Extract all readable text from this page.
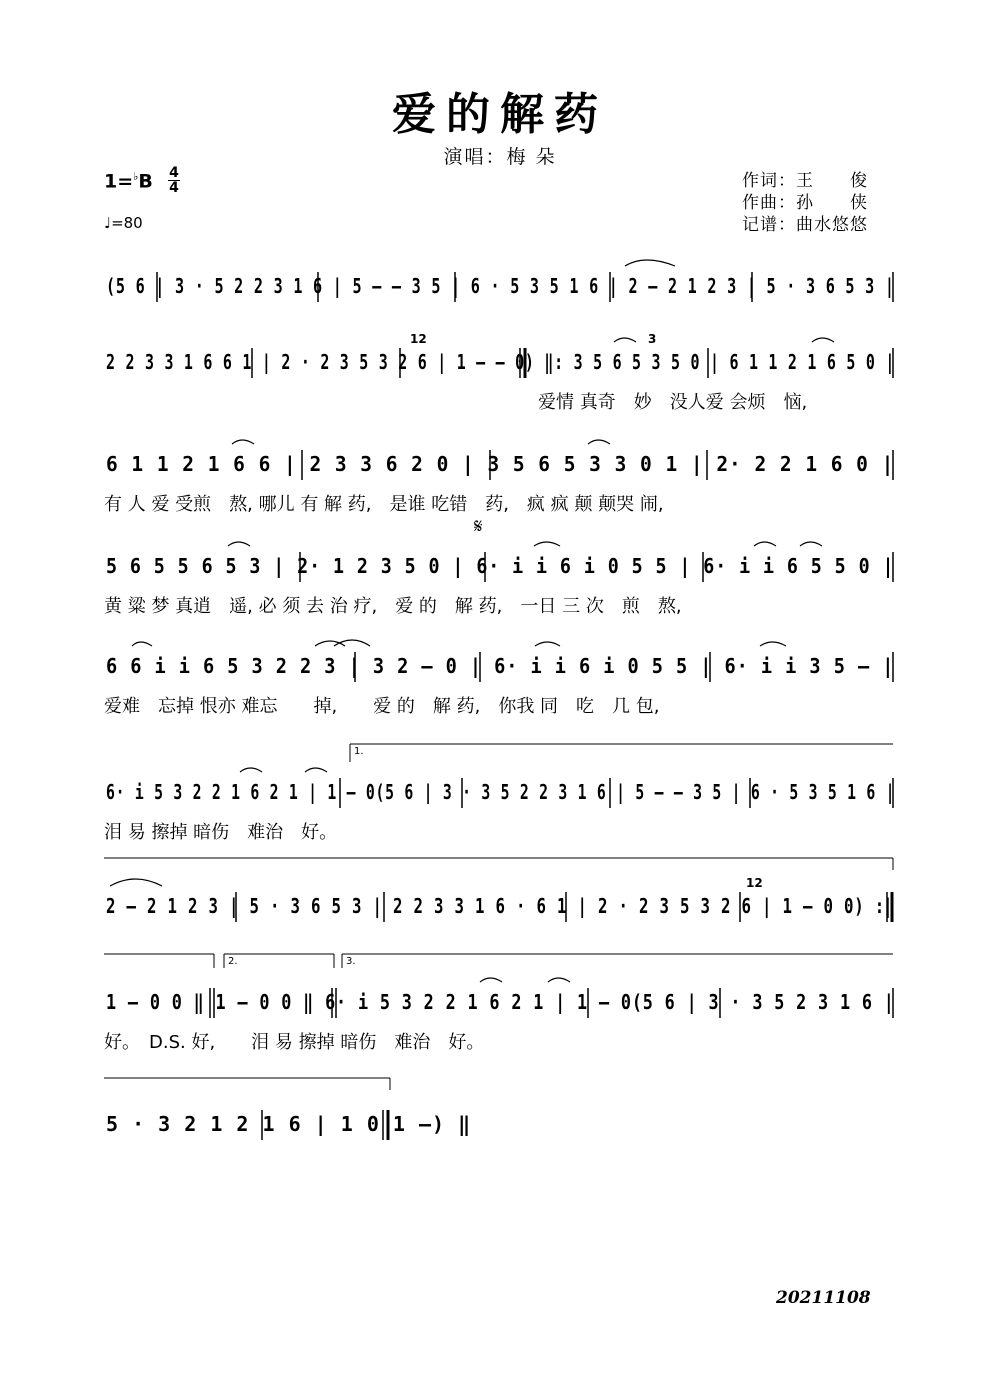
爱的解药
演唱：梅 朵
1=♭B 4
4
♩=80
作词：王　　俊
作曲：孙　　侠
记谱：曲水悠悠
(5 6 | 3 · 5 2 2 3 1 6 | 5 – – 3 5 | 6 · 5 3 5 1 6 | 2 – 2 1 2 3 | 5 · 3 6 5 3 |
12	3
2 2 3 3 1 6 6 1 | 2 · 2 3 5 3 2 6 | 1 – – 0) ‖: 3 5 6 5 3 5 0 | 6 1 1 2 1 6 5 0 |
爱情 真奇　妙　没人爱 会烦　恼,
6 1 1 2 1 6 6 | 2 3 3 6 2 0 | 3 5 6 5 3 3 0 1 | 2· 2 2 1 6 0 |
有 人 爱 受煎　熬, 哪儿 有 解 药,　是谁 吃错　药,　疯 疯 颠 颠哭 闹,
𝄋
5 6 5 5 6 5 3 | 2· 1 2 3 5 0 | 6· i i 6 i 0 5 5 | 6· i i 6 5 5 0 |
黄 粱 梦 真逍　遥, 必 须 去 治 疗,　爱 的　解 药,　一日 三 次　煎　熬,
6 6 i i 6 5 3 2 2 3 | 3 2 – 0 | 6· i i 6 i 0 5 5 | 6· i i 3 5 – |
爱难　忘掉 恨亦 难忘　　掉,　　爱 的　解 药,　你我 同　吃　几 包,
1.
6· i 5 3 2 2 1 6 2 1 | 1 – 0(5 6 | 3 · 3 5 2 2 3 1 6 | 5 – – 3 5 | 6 · 5 3 5 1 6 |
泪 易 擦掉 暗伤　难治　好。
12
2 – 2 1 2 3 | 5 · 3 6 5 3 | 2 2 3 3 1 6 · 6 1 | 2 · 2 3 5 3 2 6 | 1 – 0 0) :‖
2.	3.
1 – 0 0 ‖ 1 – 0 0 ‖ 6· i 5 3 2 2 1 6 2 1 | 1 – 0(5 6 | 3 · 3 5 2 3 1 6 |
好。　D.S. 好,　　泪 易 擦掉 暗伤　难治　好。
5 · 3 2 1 2 1 6 | 1 0 1 –) ‖
20211108
